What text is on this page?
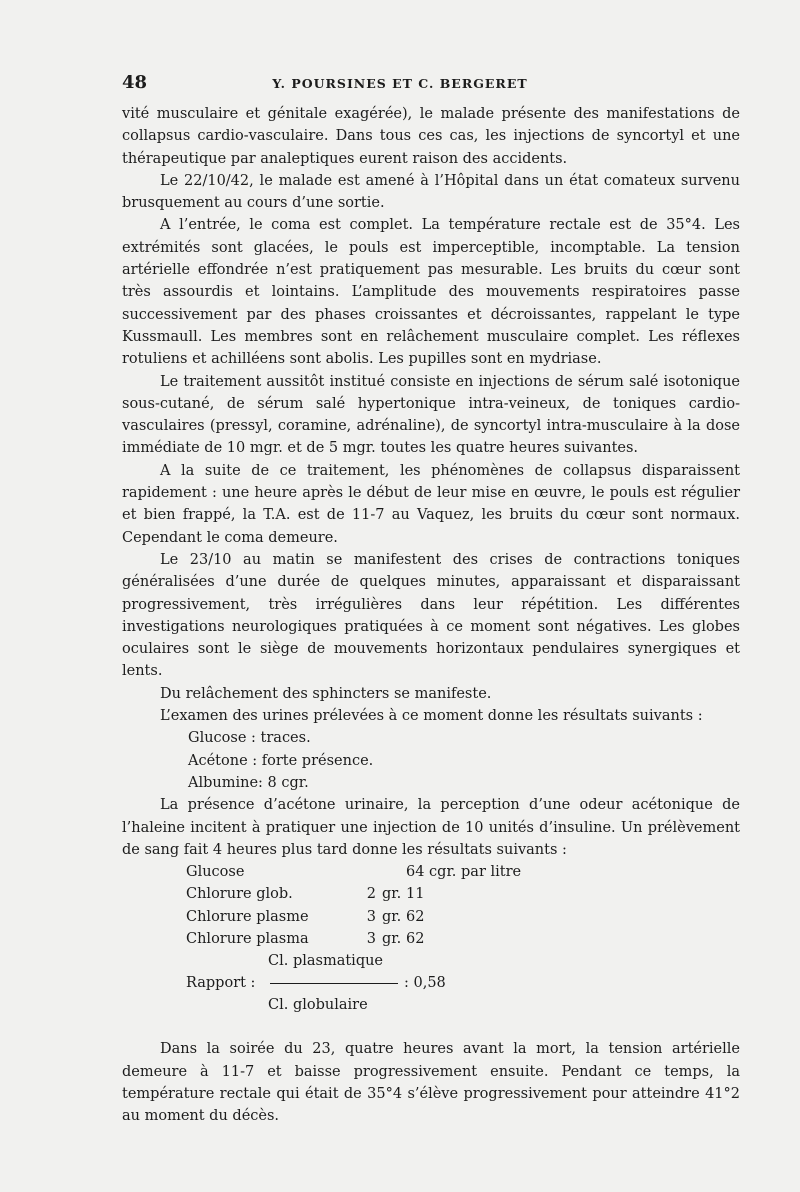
48	Y. POURSINES ET C. BERGERET

vité musculaire et génitale exagérée), le malade présente des manifestations de collapsus cardio-vasculaire. Dans tous ces cas, les injections de syncortyl et une thérapeutique par analeptiques eurent raison des accidents.

Le 22/10/42, le malade est amené à l’Hôpital dans un état comateux survenu brusquement au cours d’une sortie.

A l’entrée, le coma est complet. La température rectale est de 35°4. Les extrémités sont glacées, le pouls est imperceptible, incomptable. La tension artérielle effondrée n’est pratiquement pas mesurable. Les bruits du cœur sont très assourdis et lointains. L’amplitude des mouvements respiratoires passe successivement par des phases croissantes et décroissantes, rappelant le type Kussmaull. Les membres sont en relâchement musculaire complet. Les réflexes rotuliens et achilléens sont abolis. Les pupilles sont en mydriase.

Le traitement aussitôt institué consiste en injections de sérum salé isotonique sous-cutané, de sérum salé hypertonique intra-veineux, de toniques cardio-vasculaires (pressyl, coramine, adrénaline), de syncortyl intra-musculaire à la dose immédiate de 10 mgr. et de 5 mgr. toutes les quatre heures suivantes.

A la suite de ce traitement, les phénomènes de collapsus disparaissent rapidement : une heure après le début de leur mise en œuvre, le pouls est régulier et bien frappé, la T.A. est de 11-7 au Vaquez, les bruits du cœur sont normaux. Cependant le coma demeure.

Le 23/10 au matin se manifestent des crises de contractions toniques généralisées d’une durée de quelques minutes, apparaissant et disparaissant progressivement, très irrégulières dans leur répétition. Les différentes investigations neurologiques pratiquées à ce moment sont négatives. Les globes oculaires sont le siège de mouvements horizontaux pendulaires synergiques et lents.

Du relâchement des sphincters se manifeste.

L’examen des urines prélevées à ce moment donne les résultats suivants :

Glucose : traces.
Acétone : forte présence.
Albumine: 8 cgr.

La présence d’acétone urinaire, la perception d’une odeur acétonique de l’haleine incitent à pratiquer une injection de 10 unités d’insuline. Un prélèvement de sang fait 4 heures plus tard donne les résultats suivants :

Glucose			64 cgr. par litre
Chlorure glob.	2	gr.	11
Chlorure plasme	3	gr.	62
Chlorure plasma	3	gr.	62
Cl. plasmatique
Rapport :	: 0,58
Cl. globulaire

Dans la soirée du 23, quatre heures avant la mort, la tension artérielle demeure à 11-7 et baisse progressivement ensuite. Pendant ce temps, la température rectale qui était de 35°4 s’élève progressivement pour atteindre 41°2 au moment du décès.
